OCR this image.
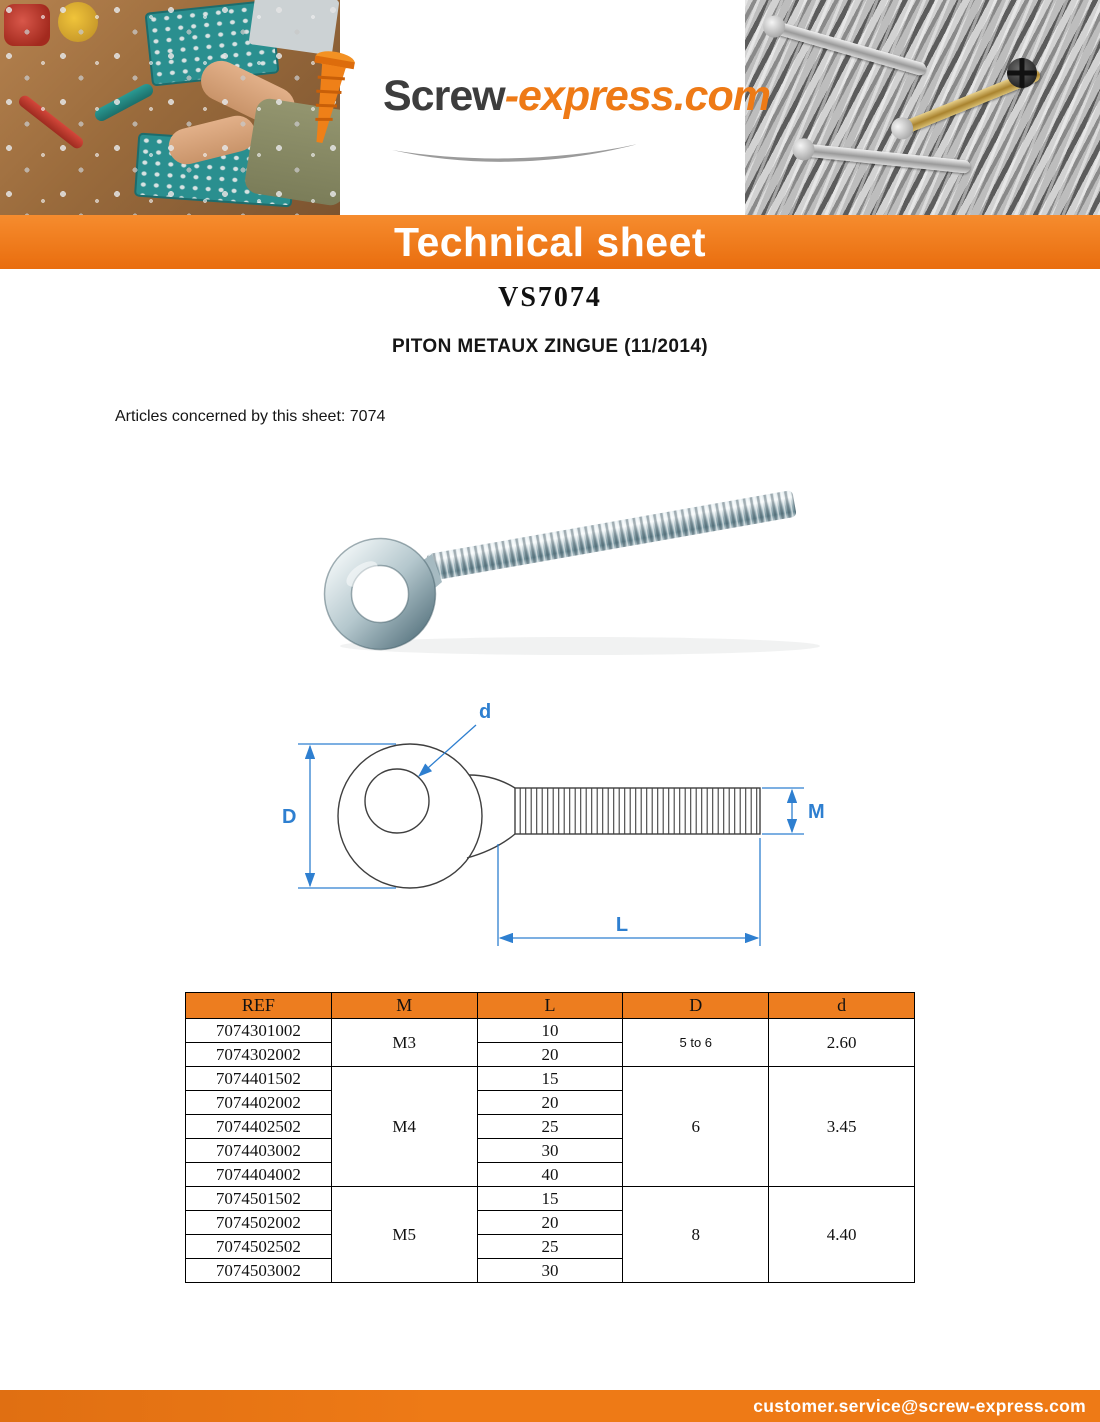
Screw-express.com
Technical sheet
VS7074
PITON METAUX ZINGUE (11/2014)

Articles concerned by this sheet: 7074

D
d
M
L
REF	M	L	D	d
7074301002	M3	10	5 to 6	2.60
7074302002		20		
7074401502	M4	15	6	3.45
7074402002		20		
7074402502		25		
7074403002		30		
7074404002		40		
7074501502	M5	15	8	4.40
7074502002		20		
7074502502		25		
7074503002		30		
customer.service@screw-express.com
